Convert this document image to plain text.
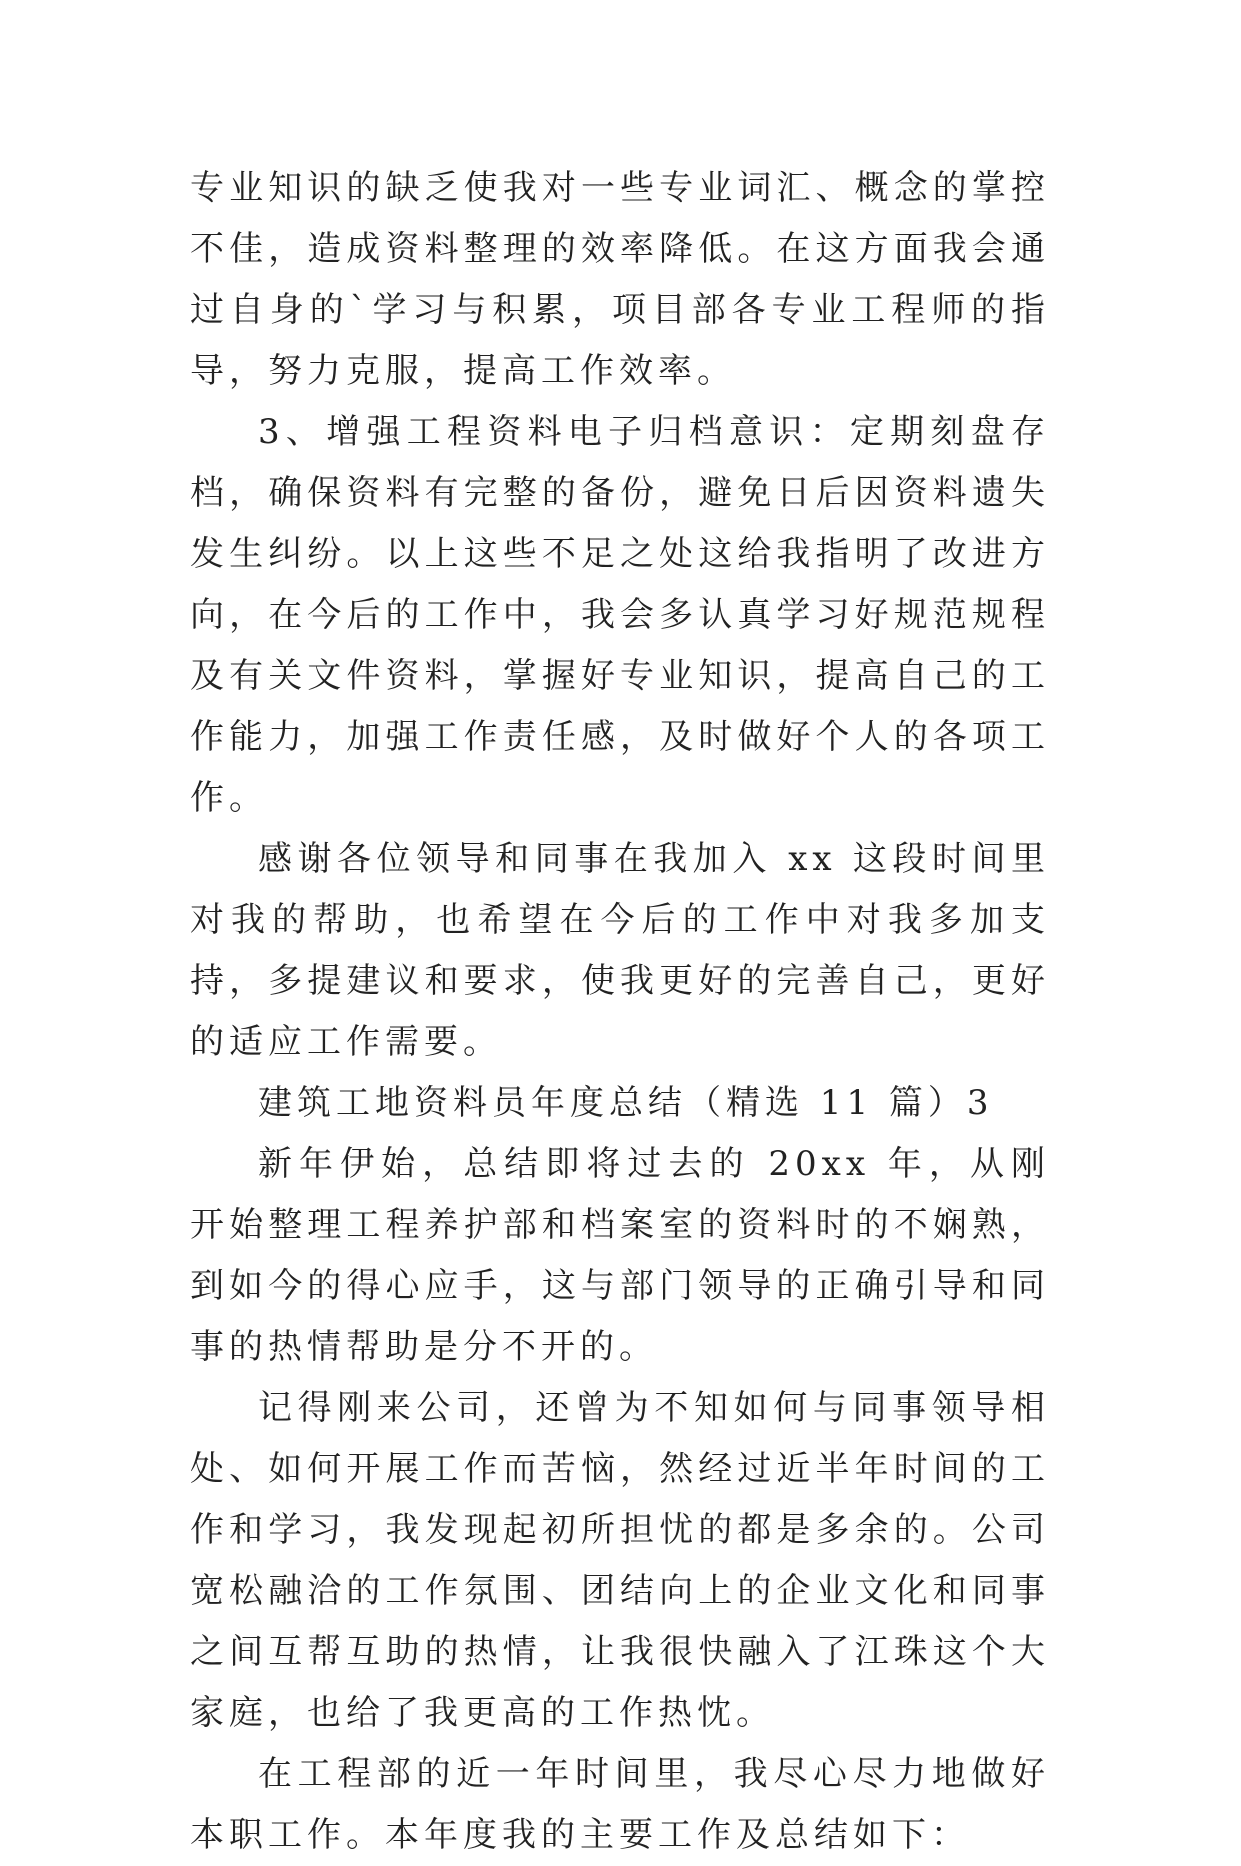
专业知识的缺乏使我对一些专业词汇、概念的掌控不佳，造成资料整理的效率降低。在这方面我会通过自身的`学习与积累，项目部各专业工程师的指导，努力克服，提高工作效率。

3、增强工程资料电子归档意识：定期刻盘存档，确保资料有完整的备份，避免日后因资料遗失发生纠纷。以上这些不足之处这给我指明了改进方向，在今后的工作中，我会多认真学习好规范规程及有关文件资料，掌握好专业知识，提高自己的工作能力，加强工作责任感，及时做好个人的各项工作。

感谢各位领导和同事在我加入 xx 这段时间里对我的帮助，也希望在今后的工作中对我多加支持，多提建议和要求，使我更好的完善自己，更好的适应工作需要。

建筑工地资料员年度总结（精选 11 篇）3

新年伊始，总结即将过去的 20xx 年，从刚开始整理工程养护部和档案室的资料时的不娴熟，到如今的得心应手，这与部门领导的正确引导和同事的热情帮助是分不开的。

记得刚来公司，还曾为不知如何与同事领导相处、如何开展工作而苦恼，然经过近半年时间的工作和学习，我发现起初所担忧的都是多余的。公司宽松融洽的工作氛围、团结向上的企业文化和同事之间互帮互助的热情，让我很快融入了江珠这个大家庭，也给了我更高的工作热忱。

在工程部的近一年时间里，我尽心尽力地做好本职工作。本年度我的主要工作及总结如下：
